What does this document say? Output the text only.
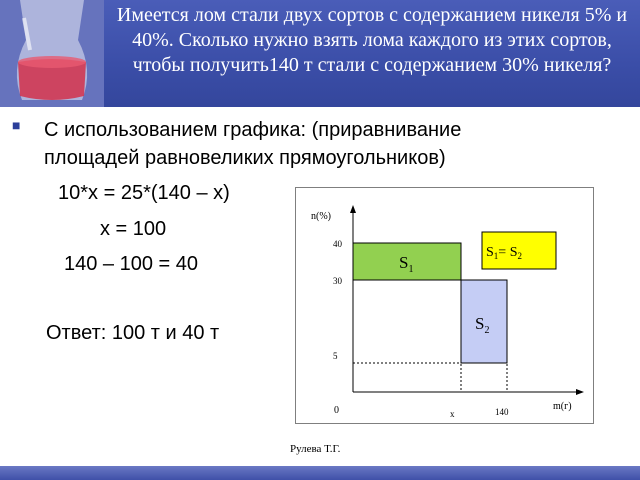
Имеется лом стали двух сортов с содержанием никеля 5% и 40%. Сколько нужно взять лома каждого из этих сортов, чтобы получить140 т стали с содержанием 30% никеля?
■ С использованием графика: (приравнивание площадей равновеликих прямоугольников)
10*x = 25*(140 – x)
x = 100
140 – 100 = 40
Ответ: 100 т и 40 т
$S_1= S_2$
$S_1$
$S_2$
n(%)
m(г)
40
30
5
0	x	140
Рулева Т.Г.
